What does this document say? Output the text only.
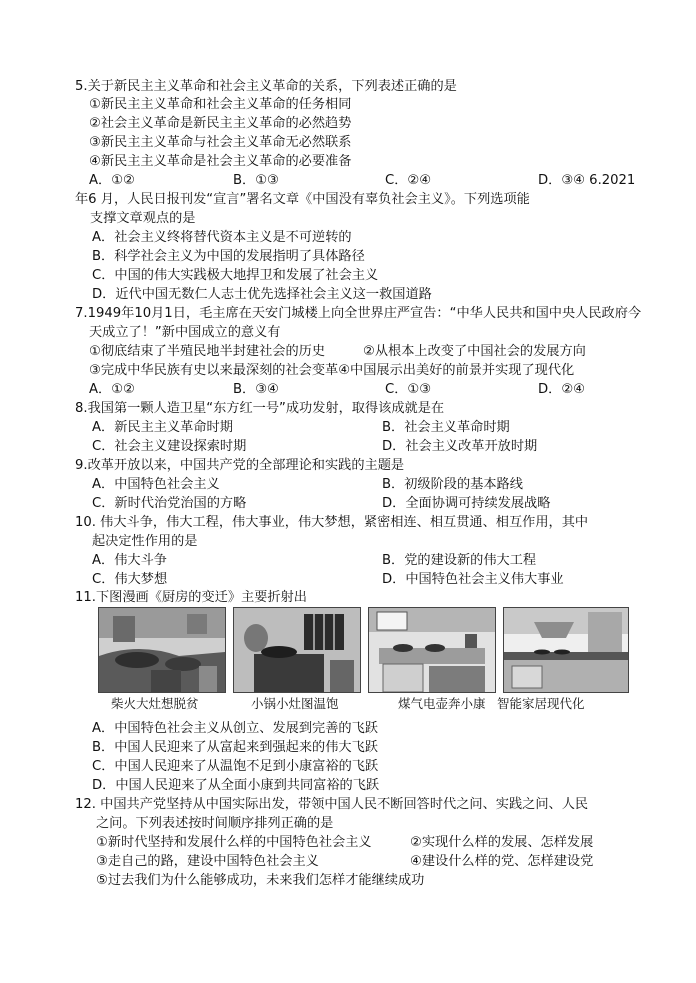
5.关于新民主主义革命和社会主义革命的关系，下列表述正确的是
①新民主主义革命和社会主义革命的任务相同
②社会主义革命是新民主主义革命的必然趋势
③新民主主义革命与社会主义革命无必然联系
④新民主主义革命是社会主义革命的必要准备
A．①②	B．①③	C．②④	D．③④ 6.2021
年6 月，人民日报刊发“宣言”署名文章《中国没有辜负社会主义》。下列选项能
支撑文章观点的是
A．社会主义终将替代资本主义是不可逆转的
B．科学社会主义为中国的发展指明了具体路径
C．中国的伟大实践极大地捍卫和发展了社会主义
D．近代中国无数仁人志士优先选择社会主义这一救国道路
7.1949年10月1日，毛主席在天安门城楼上向全世界庄严宣告：“中华人民共和国中央人民政府今
天成立了！”新中国成立的意义有
①彻底结束了半殖民地半封建社会的历史	②从根本上改变了中国社会的发展方向
③完成中华民族有史以来最深刻的社会变革④中国展示出美好的前景并实现了现代化
A．①②	B．③④	C．①③	D．②④
8.我国第一颗人造卫星“东方红一号”成功发射，取得该成就是在
A．新民主主义革命时期	B．社会主义革命时期
C．社会主义建设探索时期	D．社会主义改革开放时期
9.改革开放以来，中国共产党的全部理论和实践的主题是
A．中国特色社会主义	B．初级阶段的基本路线
C．新时代治党治国的方略	D．全面协调可持续发展战略
10. 伟大斗争，伟大工程，伟大事业，伟大梦想，紧密相连、相互贯通、相互作用，其中
起决定性作用的是
A．伟大斗争	B．党的建设新的伟大工程
C．伟大梦想	D．中国特色社会主义伟大事业
11.下图漫画《厨房的变迁》主要折射出
柴火大灶想脱贫	小锅小灶图温饱	煤气电壶奔小康 智能家居现代化
A．中国特色社会主义从创立、发展到完善的飞跃
B．中国人民迎来了从富起来到强起来的伟大飞跃
C．中国人民迎来了从温饱不足到小康富裕的飞跃
D．中国人民迎来了从全面小康到共同富裕的飞跃
12. 中国共产党坚持从中国实际出发，带领中国人民不断回答时代之问、实践之问、人民
之问。下列表述按时间顺序排列正确的是
①新时代坚持和发展什么样的中国特色社会主义	②实现什么样的发展、怎样发展
③走自己的路，建设中国特色社会主义	④建设什么样的党、怎样建设党
⑤过去我们为什么能够成功，未来我们怎样才能继续成功
